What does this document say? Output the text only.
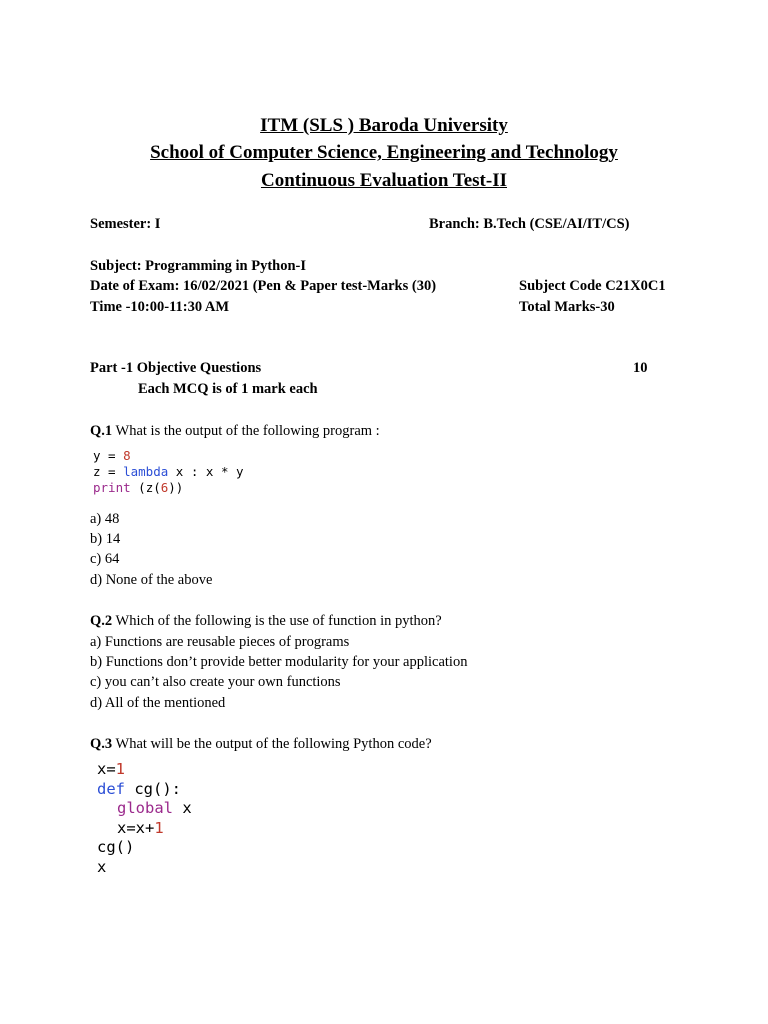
ITM (SLS ) Baroda University
School of Computer Science, Engineering and Technology
Continuous Evaluation Test-II
Semester: I	Branch: B.Tech (CSE/AI/IT/CS)
Subject: Programming in Python-I
Date of Exam: 16/02/2021 (Pen & Paper test-Marks (30)	Subject Code C21X0C1
Time -10:00-11:30 AM	Total Marks-30
Part -1 Objective Questions	10
Each MCQ is of 1 mark each
Q.1 What is the output of the following program :
y = 8
z = lambda x : x * y
print (z(6))
a) 48
b) 14
c) 64
d) None of the above
Q.2 Which of the following is the use of function in python?
a) Functions are reusable pieces of programs
b) Functions don’t provide better modularity for your application
c) you can’t also create your own functions
d) All of the mentioned
Q.3 What will be the output of the following Python code?
x=1
def cg():
global x
x=x+1
cg()
x
